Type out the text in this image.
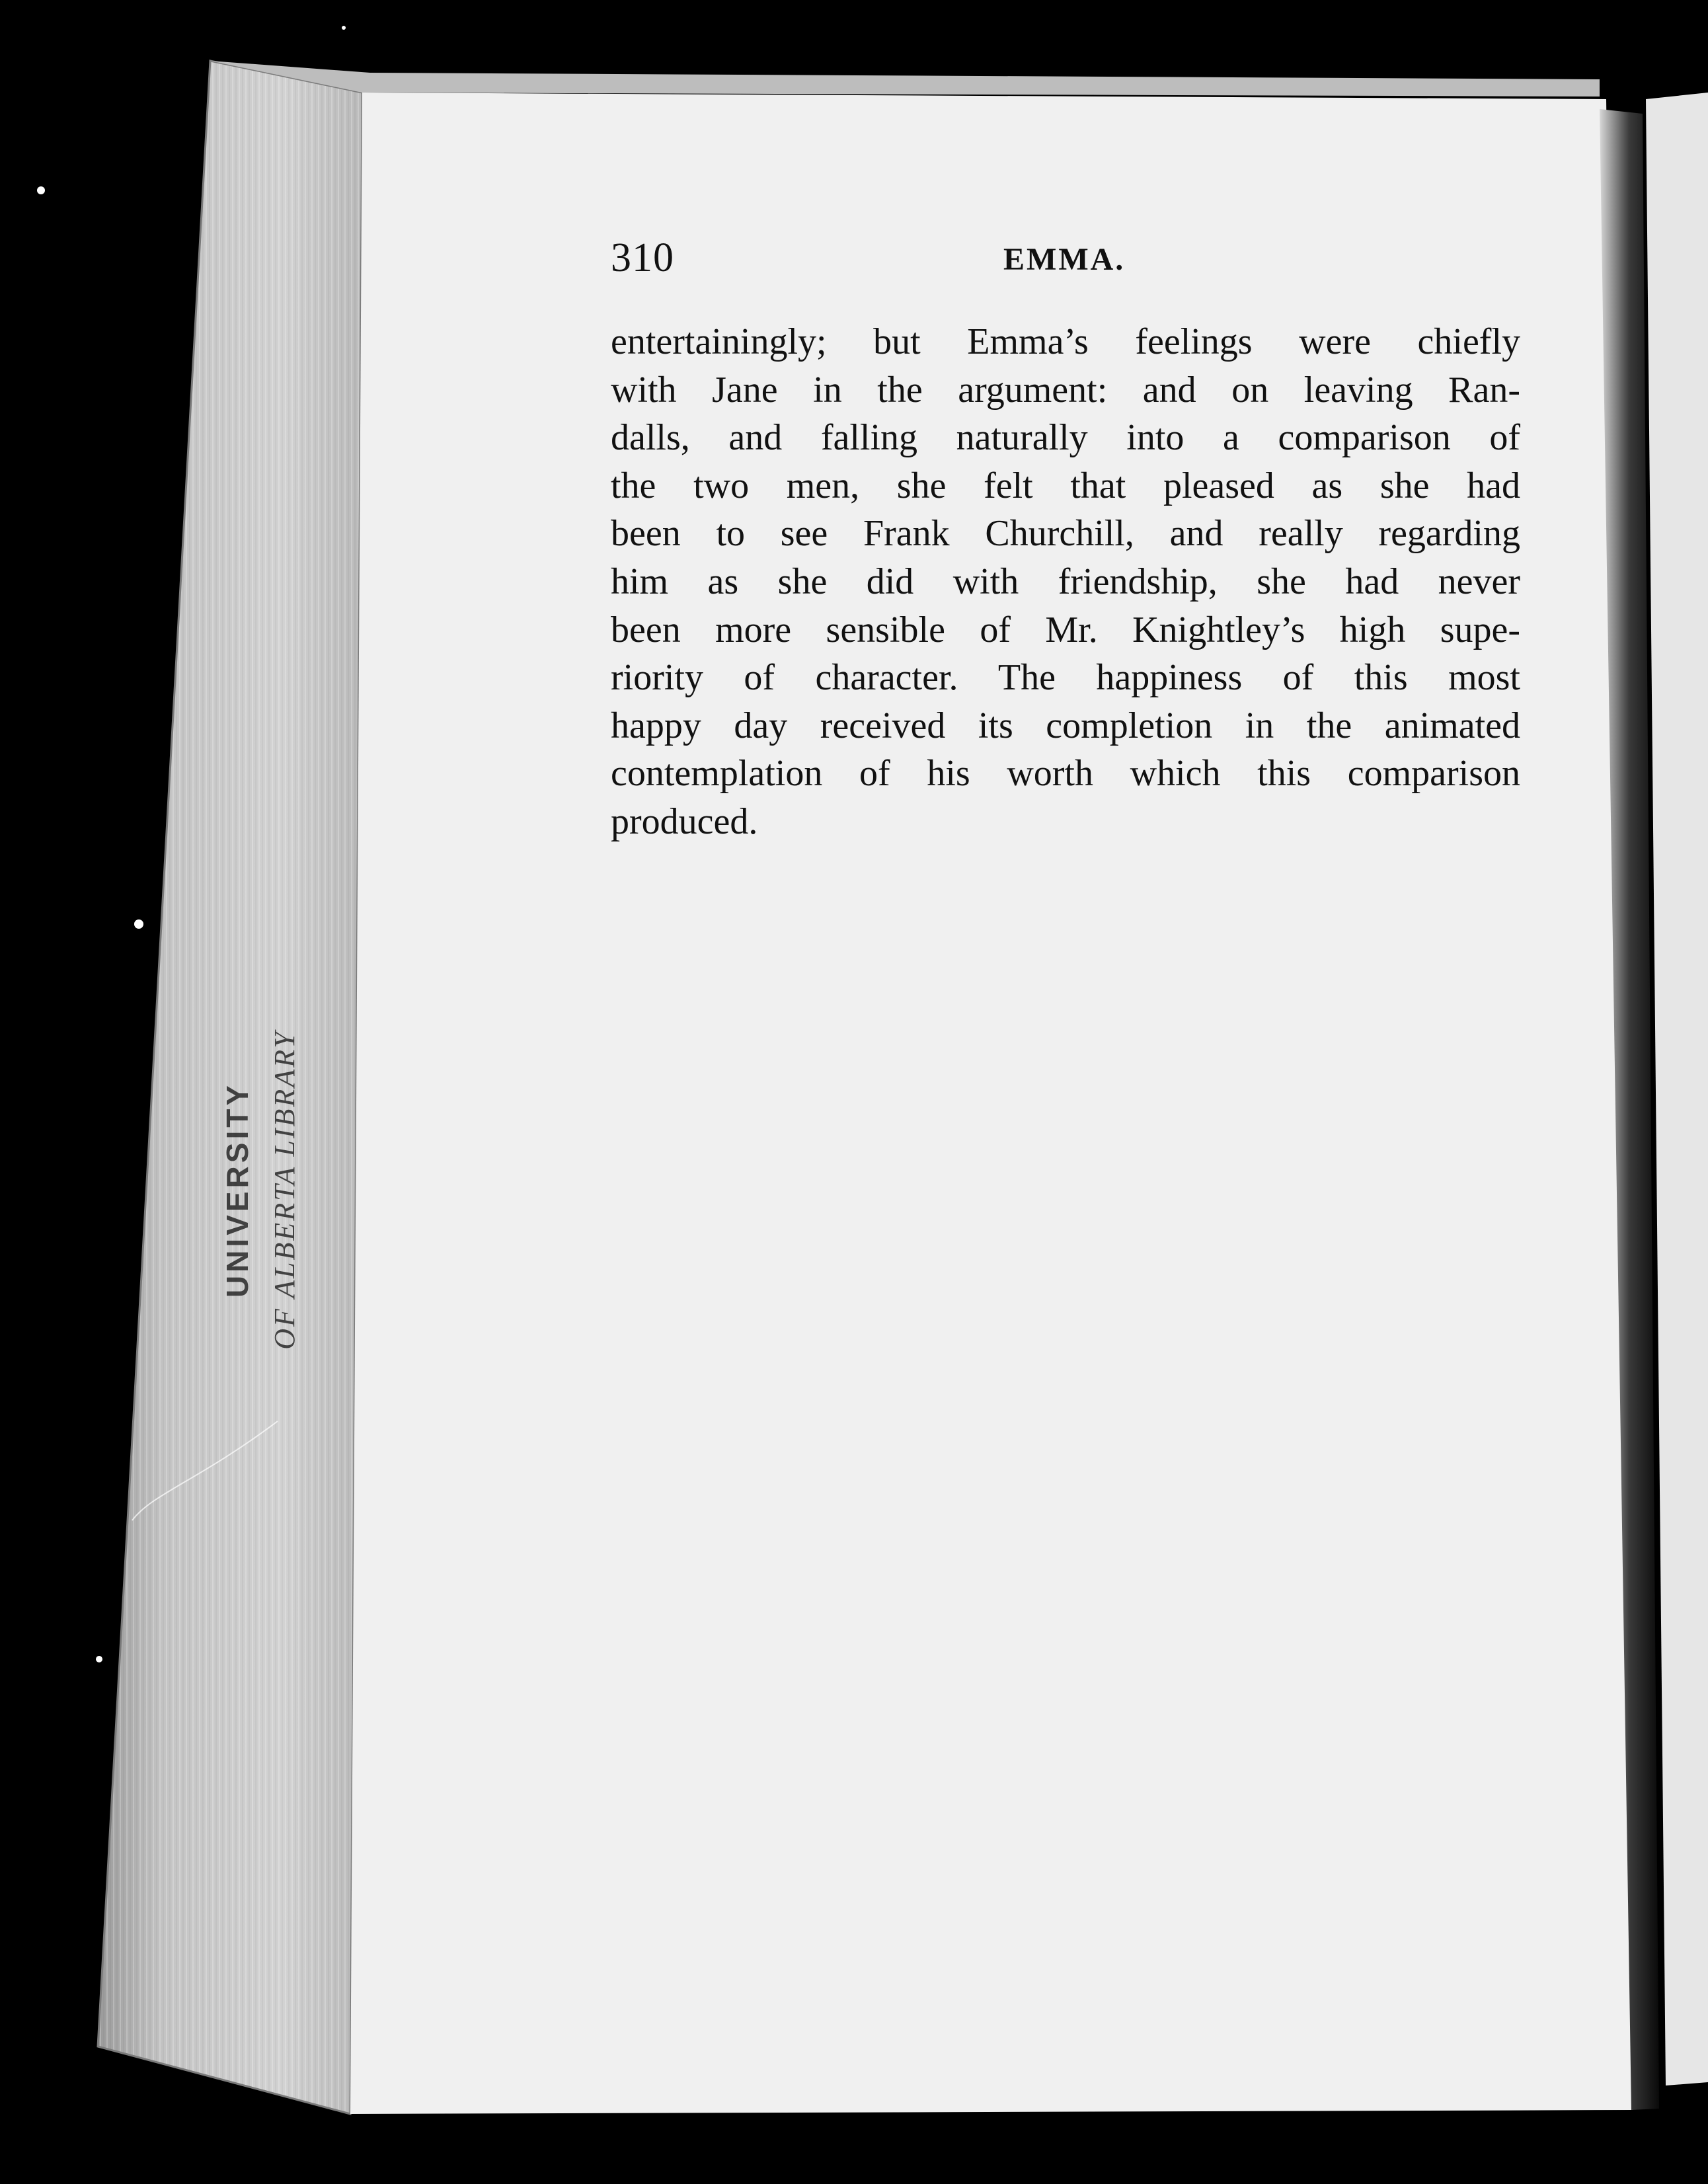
UNIVERSITY OF ALBERTA LIBRARY
310	EMMA.
entertainingly; but Emma’s feelings were chiefly
with Jane in the argument: and on leaving Ran-
dalls, and falling naturally into a comparison of
the two men, she felt that pleased as she had
been to see Frank Churchill, and really regarding
him as she did with friendship, she had never
been more sensible of Mr. Knightley’s high supe-
riority of character. The happiness of this most
happy day received its completion in the animated
contemplation of his worth which this comparison
produced.
